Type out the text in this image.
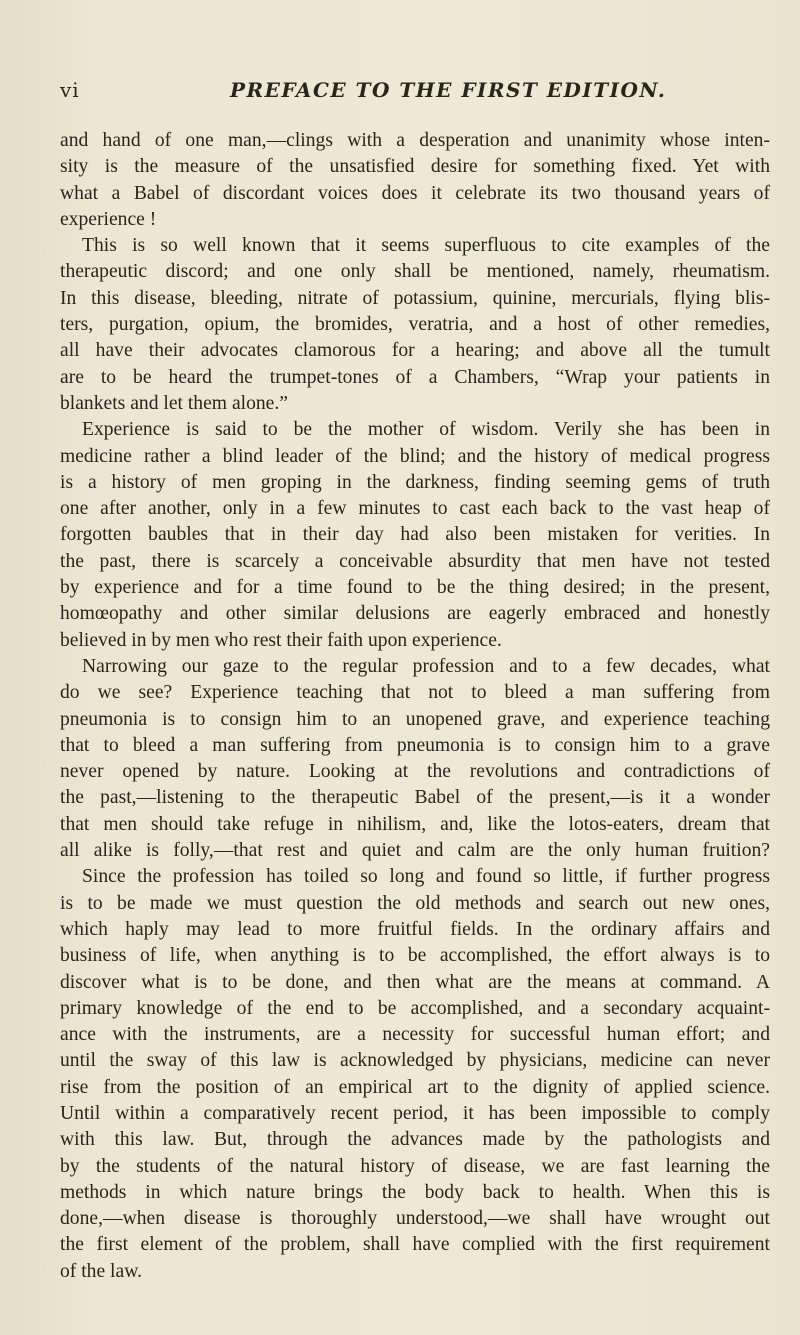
vi	PREFACE TO THE FIRST EDITION.
and hand of one man,—clings with a desperation and unanimity whose inten-
sity is the measure of the unsatisfied desire for something fixed. Yet with
what a Babel of discordant voices does it celebrate its two thousand years of
experience !
This is so well known that it seems superfluous to cite examples of the
therapeutic discord; and one only shall be mentioned, namely, rheumatism.
In this disease, bleeding, nitrate of potassium, quinine, mercurials, flying blis-
ters, purgation, opium, the bromides, veratria, and a host of other remedies,
all have their advocates clamorous for a hearing; and above all the tumult
are to be heard the trumpet-tones of a Chambers, “Wrap your patients in
blankets and let them alone.”
Experience is said to be the mother of wisdom. Verily she has been in
medicine rather a blind leader of the blind; and the history of medical progress
is a history of men groping in the darkness, finding seeming gems of truth
one after another, only in a few minutes to cast each back to the vast heap of
forgotten baubles that in their day had also been mistaken for verities. In
the past, there is scarcely a conceivable absurdity that men have not tested
by experience and for a time found to be the thing desired; in the present,
homœopathy and other similar delusions are eagerly embraced and honestly
believed in by men who rest their faith upon experience.
Narrowing our gaze to the regular profession and to a few decades, what
do we see? Experience teaching that not to bleed a man suffering from
pneumonia is to consign him to an unopened grave, and experience teaching
that to bleed a man suffering from pneumonia is to consign him to a grave
never opened by nature. Looking at the revolutions and contradictions of
the past,—listening to the therapeutic Babel of the present,—is it a wonder
that men should take refuge in nihilism, and, like the lotos-eaters, dream that
all alike is folly,—that rest and quiet and calm are the only human fruition?
Since the profession has toiled so long and found so little, if further progress
is to be made we must question the old methods and search out new ones,
which haply may lead to more fruitful fields. In the ordinary affairs and
business of life, when anything is to be accomplished, the effort always is to
discover what is to be done, and then what are the means at command. A
primary knowledge of the end to be accomplished, and a secondary acquaint-
ance with the instruments, are a necessity for successful human effort; and
until the sway of this law is acknowledged by physicians, medicine can never
rise from the position of an empirical art to the dignity of applied science.
Until within a comparatively recent period, it has been impossible to comply
with this law. But, through the advances made by the pathologists and
by the students of the natural history of disease, we are fast learning the
methods in which nature brings the body back to health. When this is
done,—when disease is thoroughly understood,—we shall have wrought out
the first element of the problem, shall have complied with the first requirement
of the law.
